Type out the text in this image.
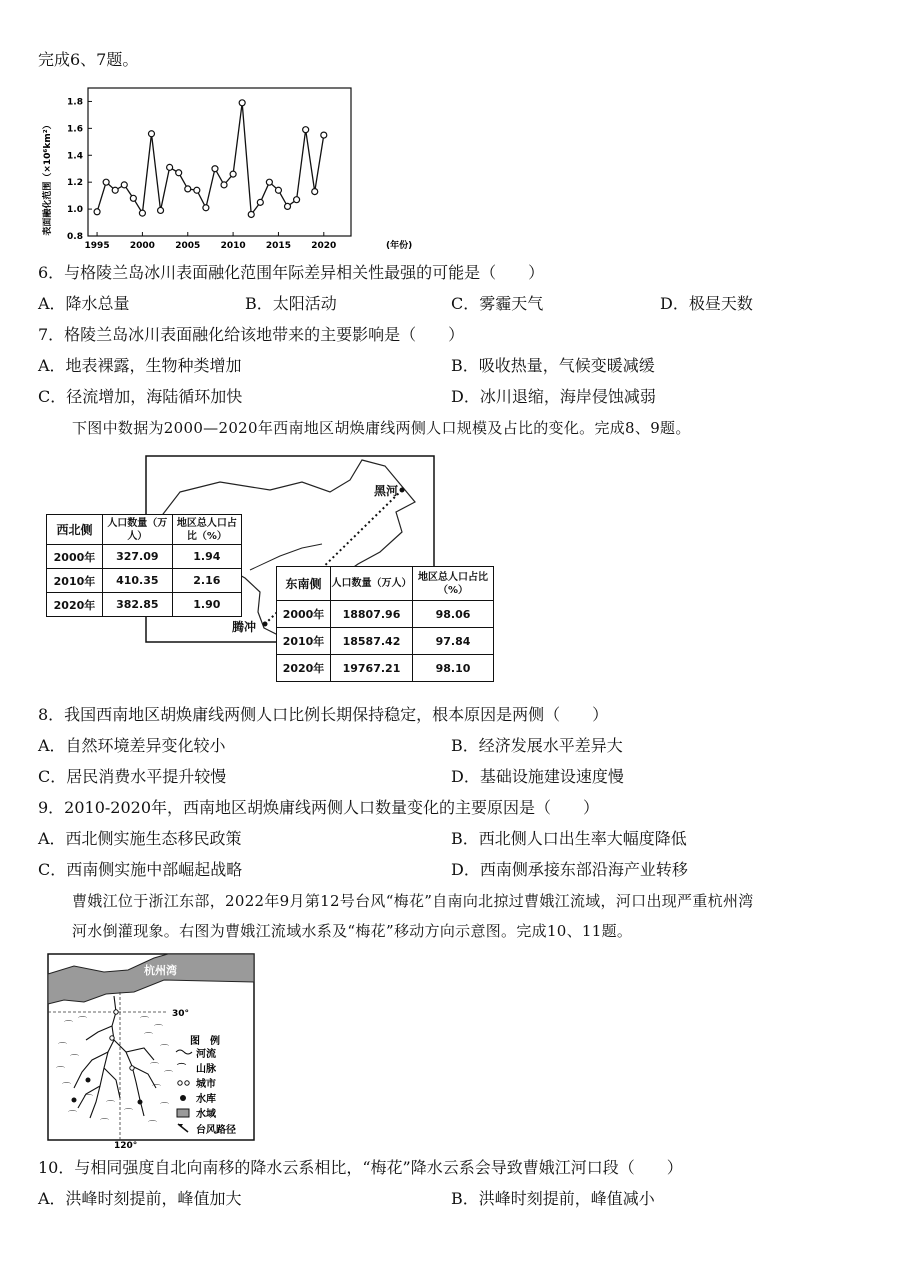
完成6、7题。
0.8
1.0
1.2
1.4
1.6
1.8
1995 2000 2005 2010 2015 2020
表面融化范围（×10⁶km²）
(年份)
6．与格陵兰岛冰川表面融化范围年际差异相关性最强的可能是（　　）
A．降水总量	B．太阳活动	C．雾霾天气	D．极昼天数
7．格陵兰岛冰川表面融化给该地带来的主要影响是（　　）
A．地表裸露，生物种类增加	B．吸收热量，气候变暖减缓
C．径流增加，海陆循环加快	D．冰川退缩，海岸侵蚀减弱
下图中数据为2000—2020年西南地区胡焕庸线两侧人口规模及占比的变化。完成8、9题。
黑河
腾冲
西北侧	人口数量（万人）	地区总人口占比（%）
2000年	327.09	1.94
2010年	410.35	2.16
2020年	382.85	1.90
东南侧	人口数量（万人）	地区总人口占比（%）
2000年	18807.96	98.06
2010年	18587.42	97.84
2020年	19767.21	98.10
8．我国西南地区胡焕庸线两侧人口比例长期保持稳定，根本原因是两侧（　　）
A．自然环境差异变化较小	B．经济发展水平差异大
C．居民消费水平提升较慢	D．基础设施建设速度慢
9．2010-2020年，西南地区胡焕庸线两侧人口数量变化的主要原因是（　　）
A．西北侧实施生态移民政策	B．西北侧人口出生率大幅度降低
C．西南侧实施中部崛起战略	D．西南侧承接东部沿海产业转移
曹娥江位于浙江东部，2022年9月第12号台风“梅花”自南向北掠过曹娥江流域，河口出现严重杭州湾
河水倒灌现象。右图为曹娥江流域水系及“梅花”移动方向示意图。完成10、11题。
杭州湾
30°
120°
⌒ ⌒	⌒
⌒
⌒
⌒
⌒
⌒
⌒	⌒
⌒
⌒	⌒
⌒
⌒
⌒
⌒
⌒
⌒	⌒
图　例
河流
⌒ 山脉
城市
水库
水域
台风路径
10．与相同强度自北向南移的降水云系相比，“梅花”降水云系会导致曹娥江河口段（　　）
A．洪峰时刻提前，峰值加大	B．洪峰时刻提前，峰值减小
